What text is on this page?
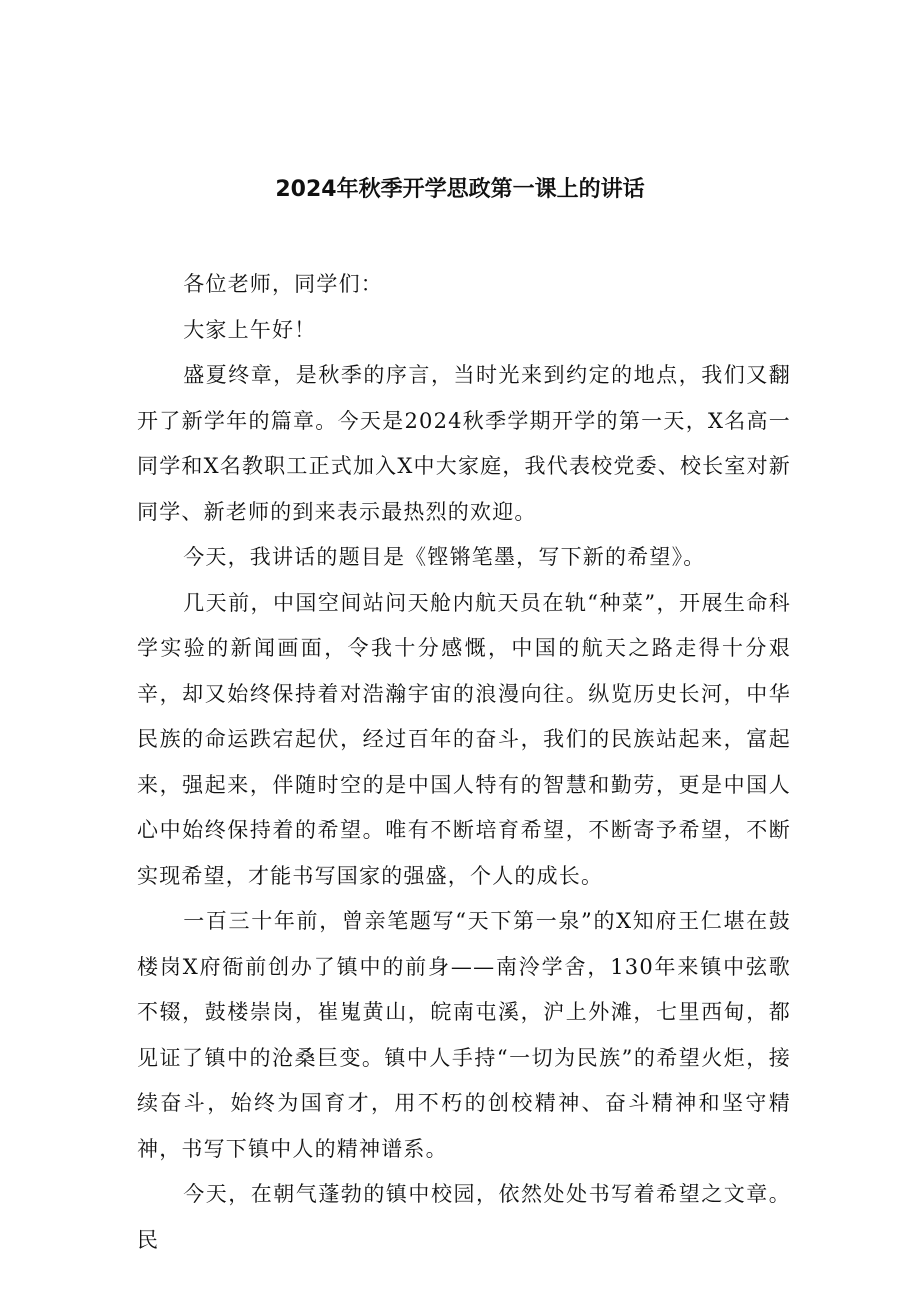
2024年秋季开学思政第一课上的讲话

各位老师，同学们：

大家上午好！

盛夏终章，是秋季的序言，当时光来到约定的地点，我们又翻开了新学年的篇章。今天是2024秋季学期开学的第一天，X名高一同学和X名教职工正式加入X中大家庭，我代表校党委、校长室对新同学、新老师的到来表示最热烈的欢迎。

今天，我讲话的题目是《铿锵笔墨，写下新的希望》。

几天前，中国空间站问天舱内航天员在轨“种菜”，开展生命科学实验的新闻画面，令我十分感慨，中国的航天之路走得十分艰辛，却又始终保持着对浩瀚宇宙的浪漫向往。纵览历史长河，中华民族的命运跌宕起伏，经过百年的奋斗，我们的民族站起来，富起来，强起来，伴随时空的是中国人特有的智慧和勤劳，更是中国人心中始终保持着的希望。唯有不断培育希望，不断寄予希望，不断实现希望，才能书写国家的强盛，个人的成长。

一百三十年前，曾亲笔题写“天下第一泉”的X知府王仁堪在鼓楼岗X府衙前创办了镇中的前身——南泠学舍，130年来镇中弦歌不辍，鼓楼崇岗，崔嵬黄山，皖南屯溪，沪上外滩，七里西甸，都见证了镇中的沧桑巨变。镇中人手持“一切为民族”的希望火炬，接续奋斗，始终为国育才，用不朽的创校精神、奋斗精神和坚守精神，书写下镇中人的精神谱系。

今天，在朝气蓬勃的镇中校园，依然处处书写着希望之文章。民
